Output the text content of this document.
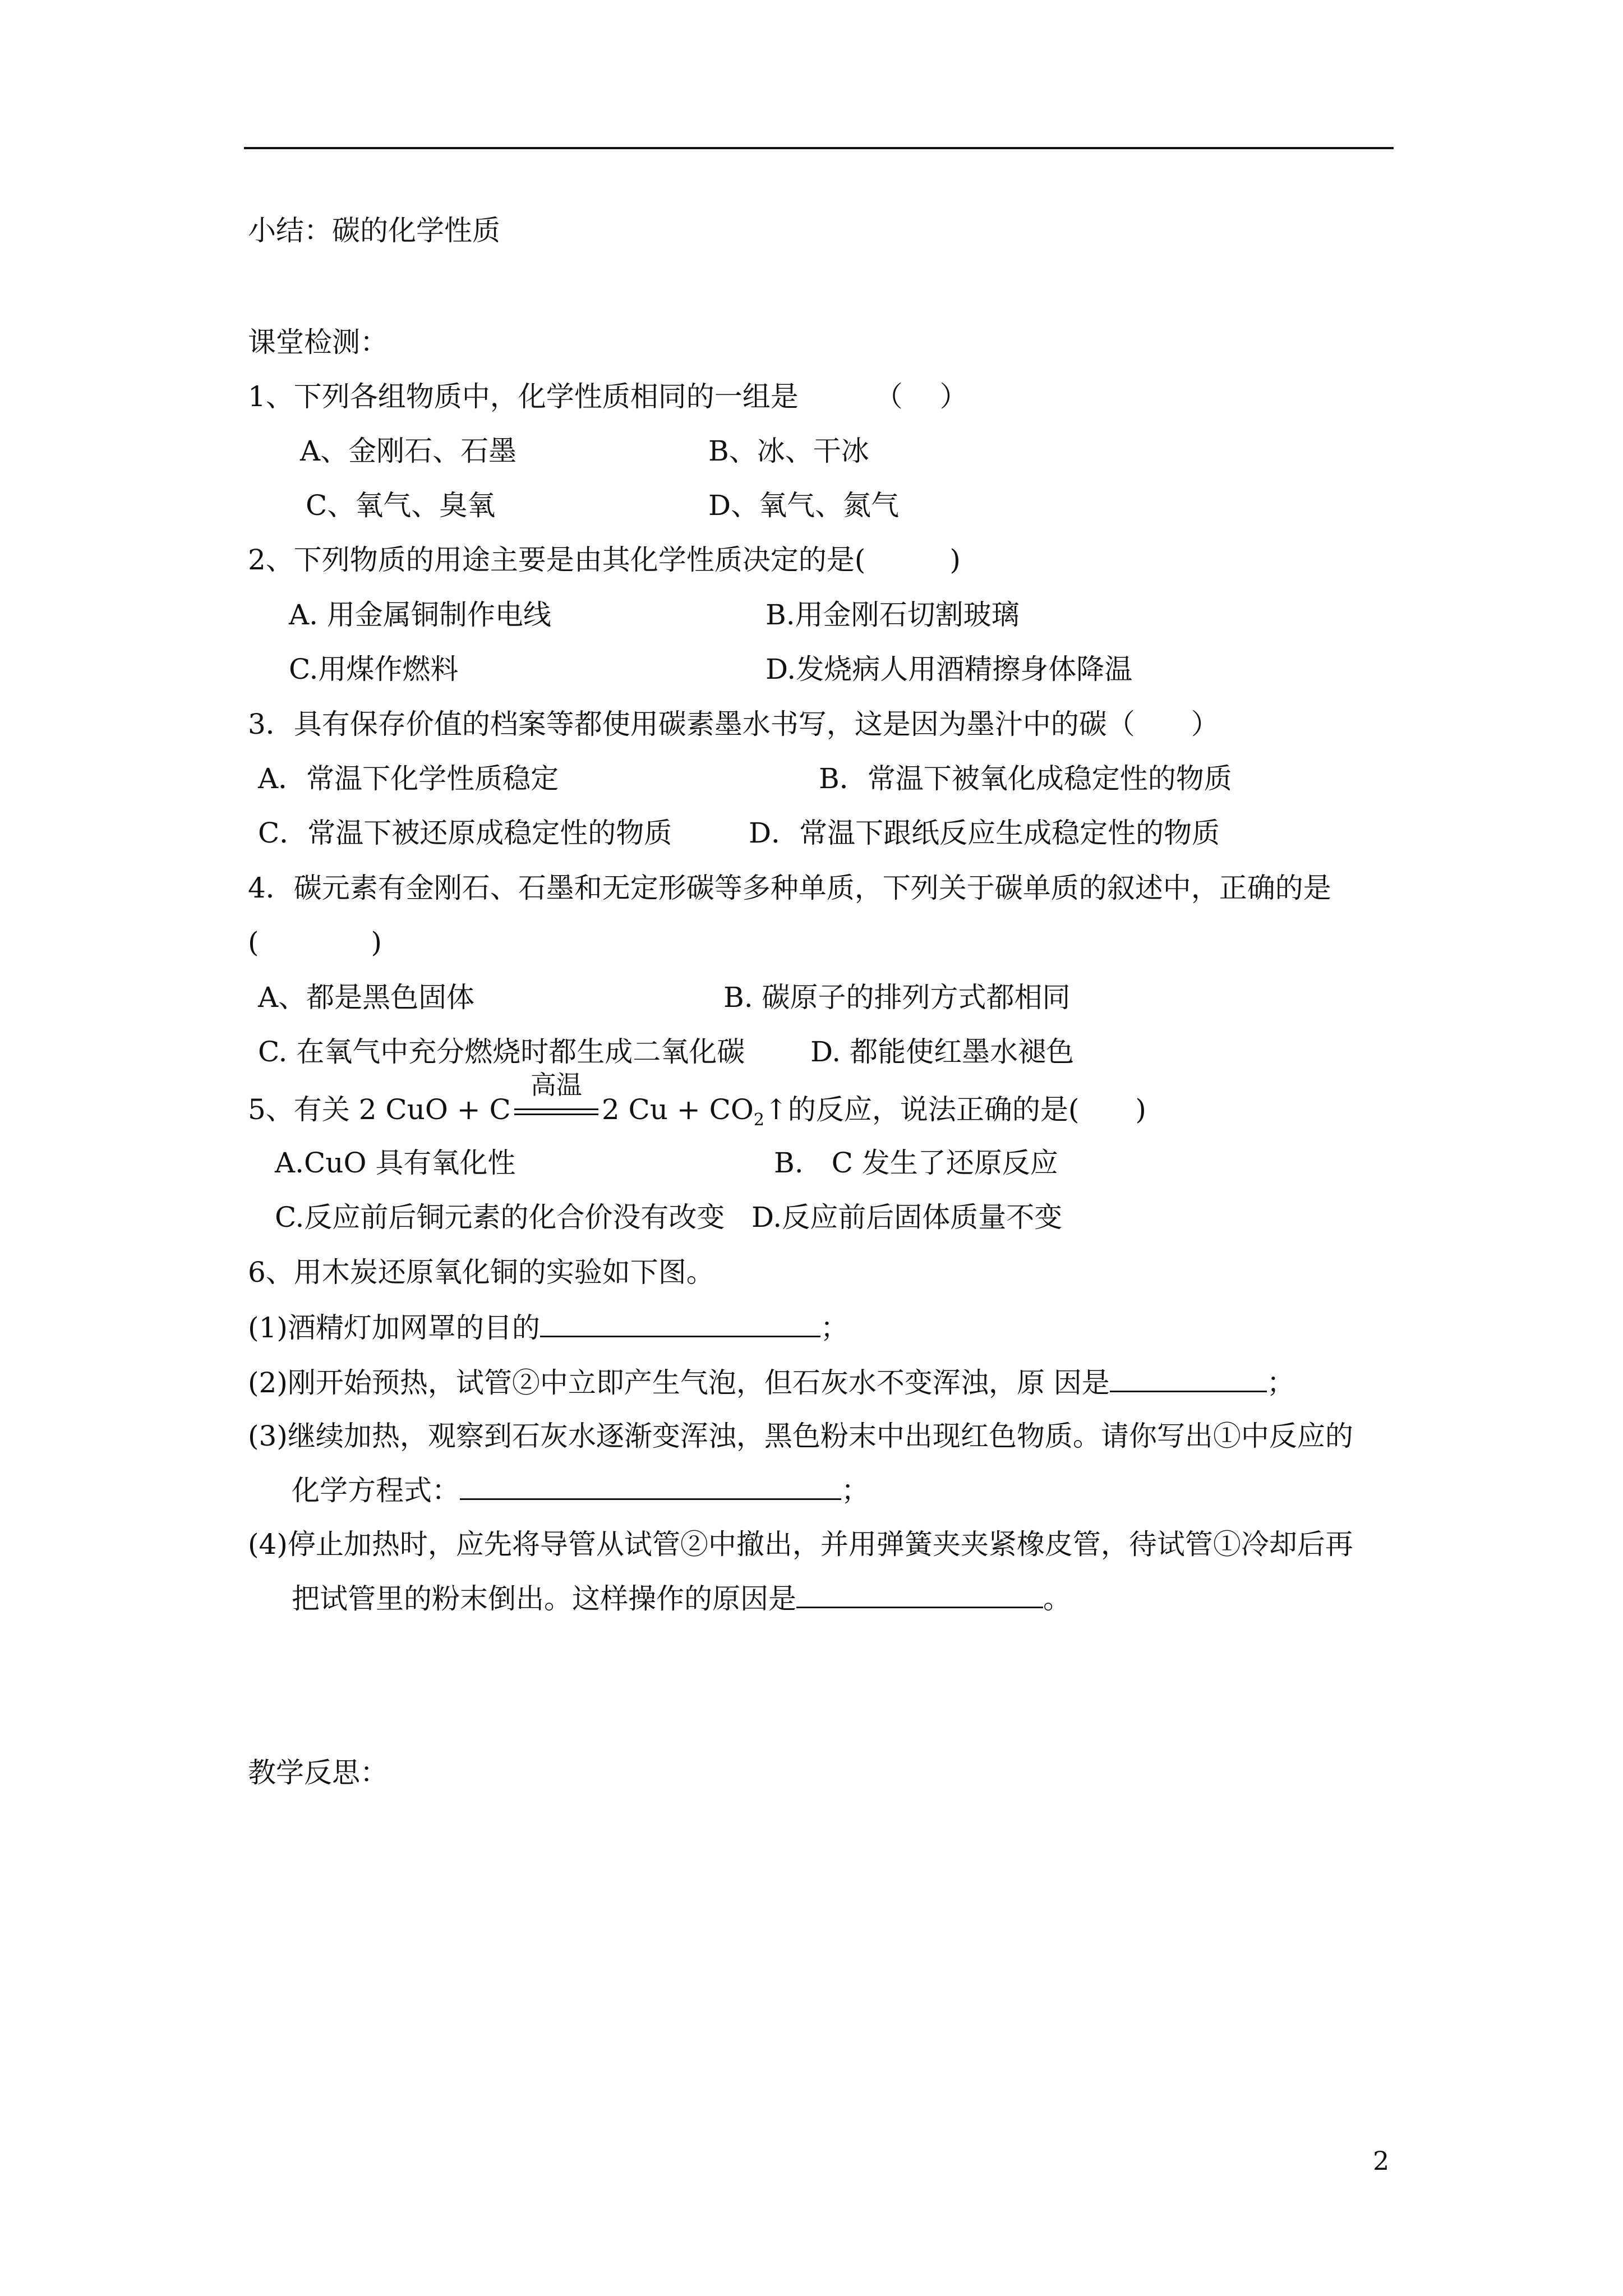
小结：碳的化学性质
课堂检测：
1、下列各组物质中，化学性质相同的一组是	（　 ）
A、金刚石、石墨	B、冰、干冰
C、氧气、臭氧	D、氧气、氮气
2、下列物质的用途主要是由其化学性质决定的是(　　　)
A. 用金属铜制作电线	B.用金刚石切割玻璃
C.用煤作燃料	D.发烧病人用酒精擦身体降温
3．具有保存价值的档案等都使用碳素墨水书写，这是因为墨汁中的碳（　　）
A．常温下化学性质稳定	B．常温下被氧化成稳定性的物质
C．常温下被还原成稳定性的物质	D．常温下跟纸反应生成稳定性的物质
4．碳元素有金刚石、石墨和无定形碳等多种单质，下列关于碳单质的叙述中，正确的是
(　　　　)
A、都是黑色固体	B. 碳原子的排列方式都相同
C. 在氧气中充分燃烧时都生成二氧化碳 D. 都能使红墨水褪色
5、有关 2 CuO + C
高温
2 $Cu + CO_2↑$的反应，说法正确的是(　　)
A.CuO 具有氧化性	B.　C 发生了还原反应
C.反应前后铜元素的化合价没有改变 D.反应前后固体质量不变
6、用木炭还原氧化铜的实验如下图。
(1)酒精灯加网罩的目的	；
(2)刚开始预热，试管②中立即产生气泡，但石灰水不变浑浊，原 因是	；
(3)继续加热，观察到石灰水逐渐变浑浊，黑色粉末中出现红色物质。请你写出①中反应的
化学方程式：	；
(4)停止加热时，应先将导管从试管②中撤出，并用弹簧夹夹紧橡皮管，待试管①冷却后再
把试管里的粉末倒出。这样操作的原因是	。
教学反思：
2
